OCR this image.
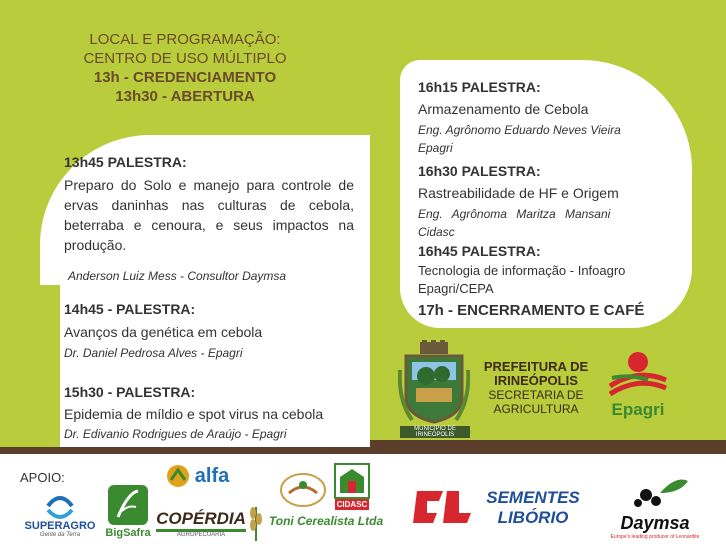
LOCAL E PROGRAMAÇÃO:
CENTRO DE USO MÚLTIPLO
13h - CREDENCIAMENTO
13h30 - ABERTURA
13h45 PALESTRA:
Preparo do Solo e manejo para controle de ervas daninhas nas culturas de cebola, beterraba e cenoura, e seus impactos na produção.
Anderson Luiz Mess - Consultor Daymsa
14h45 - PALESTRA:
Avanços da genética em cebola
Dr. Daniel Pedrosa Alves - Epagri
15h30 - PALESTRA:
Epidemia de míldio e spot virus na cebola
Dr. Edivanio Rodrigues de Araújo - Epagri
16h15 PALESTRA:
Armazenamento de Cebola
Eng. Agrônomo Eduardo Neves Vieira
Epagri
16h30 PALESTRA:
Rastreabilidade de HF e Origem
Eng. Agrônoma Maritza Mansani
Cidasc
16h45 PALESTRA:
Tecnologia de informação - Infoagro
Epagri/CEPA
17h - ENCERRAMENTO E CAFÉ
MUNICÍPIO DE IRINEÓPOLIS
PREFEITURA DE
IRINEÓPOLIS
SECRETARIA DE
AGRICULTURA	Epagri
APOIO:
SUPERAGRO
Gente da Terra BigSafra
alfa
COPÉRDIA
AGROPECUÁRIA
Toni Cerealista Ltda
CIDASC	SEMENTES
LIBÓRIO	Daymsa
Europe's leading producer of Leonardite
